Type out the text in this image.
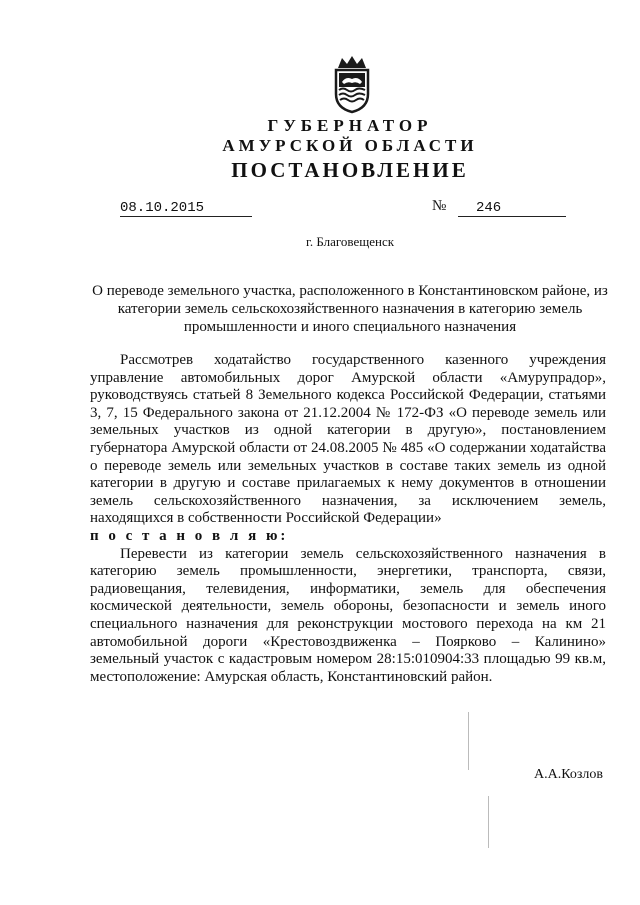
ГУБЕРНАТОР
АМУРСКОЙ ОБЛАСТИ
ПОСТАНОВЛЕНИЕ
08.10.2015	№ 246
г. Благовещенск
О переводе земельного участка, расположенного в Константиновском районе, из категории земель сельскохозяйственного назначения в категорию земель промышленности и иного специального назначения

Рассмотрев ходатайство государственного казенного учреждения управление автомобильных дорог Амурской области «Амурупрадор», руководствуясь статьей 8 Земельного кодекса Российской Федерации, статьями 3, 7, 15 Федерального закона от 21.12.2004 № 172-ФЗ «О переводе земель или земельных участков из одной категории в другую», постановлением губернатора Амурской области от 24.08.2005 № 485 «О содержании ходатайства о переводе земель или земельных участков в составе таких земель из одной категории в другую и составе прилагаемых к нему документов в отношении земель сельскохозяйственного назначения, за исключением земель, находящихся в собственности Российской Федерации»

п о с т а н о в л я ю:

Перевести из категории земель сельскохозяйственного назначения в категорию земель промышленности, энергетики, транспорта, связи, радиовещания, телевидения, информатики, земель для обеспечения космической деятельности, земель обороны, безопасности и земель иного специального назначения для реконструкции мостового перехода на км 21 автомобильной дороги «Крестовоздвиженка – Поярково – Калинино» земельный участок с кадастровым номером 28:15:010904:33 площадью 99 кв.м, местоположение: Амурская область, Константиновский район.

А.А.Козлов
